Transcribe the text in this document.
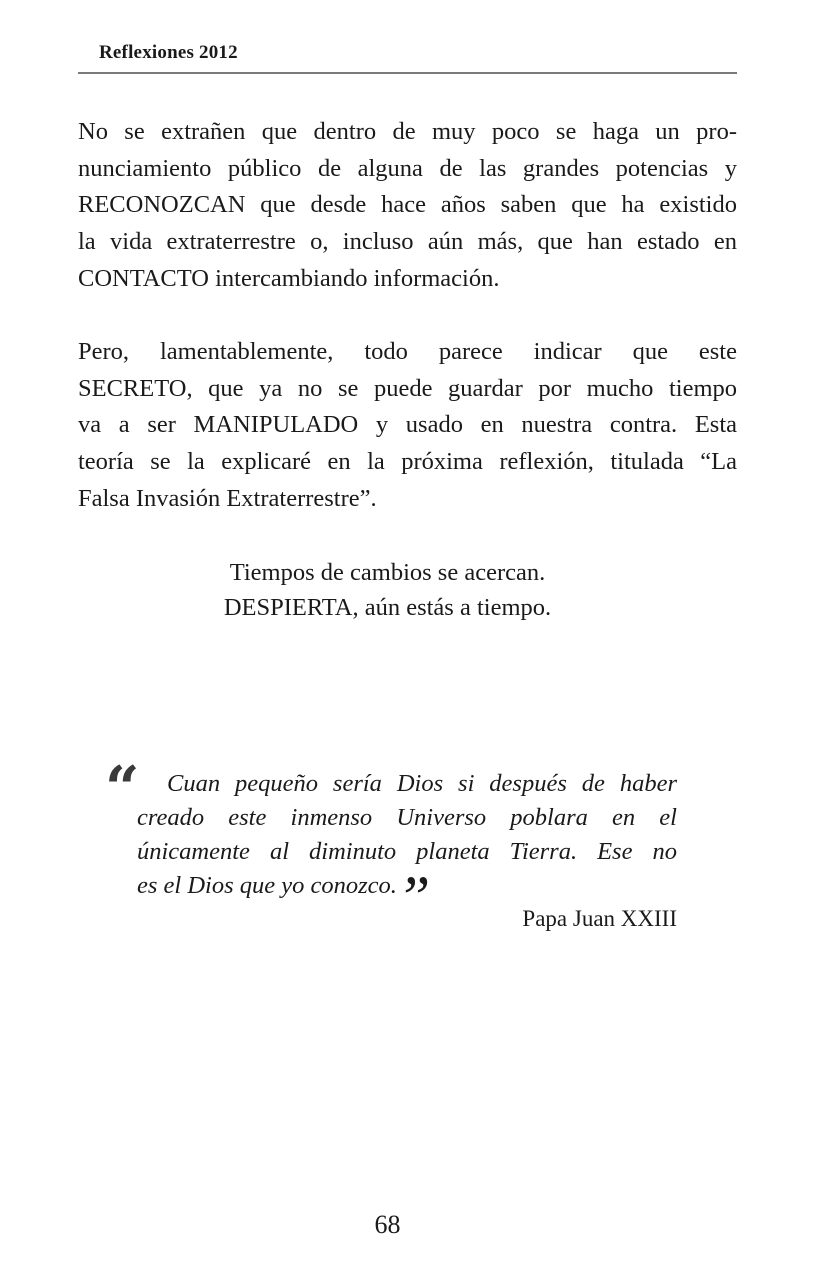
Reflexiones 2012
No se extrañen que dentro de muy poco se haga un pro-
nunciamiento público de alguna de las grandes potencias y
RECONOZCAN que desde hace años saben que ha existido
la vida extraterrestre o, incluso aún más, que han estado en
CONTACTO intercambiando información.
Pero, lamentablemente, todo parece indicar que este
SECRETO, que ya no se puede guardar por mucho tiempo
va a ser MANIPULADO y usado en nuestra contra. Esta
teoría se la explicaré en la próxima reflexión, titulada “La
Falsa Invasión Extraterrestre”.
Tiempos de cambios se acercan.
DESPIERTA, aún estás a tiempo.
“	Cuan pequeño sería Dios si después de haber
creado este inmenso Universo poblara en el
únicamente al diminuto planeta Tierra. Ese no
es el Dios que yo conozco.”	Papa Juan XXIII
68
